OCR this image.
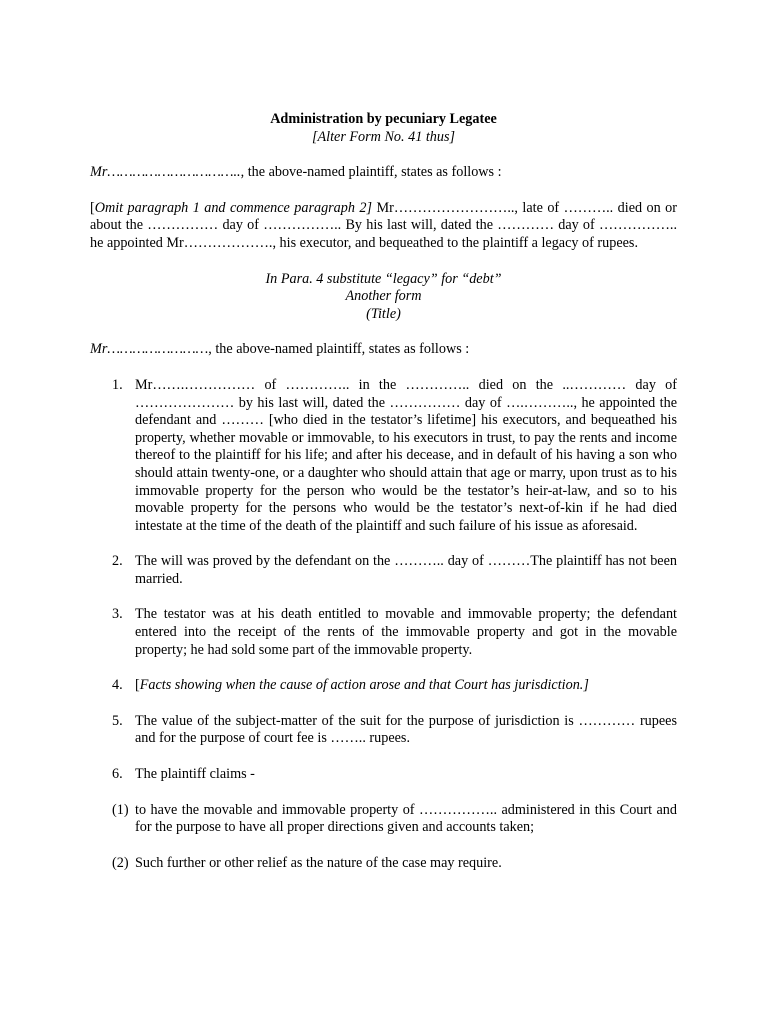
Administration by pecuniary Legatee

[Alter Form No. 41 thus]

Mr………………………….., the above-named plaintiff, states as follows :

[Omit paragraph 1 and commence paragraph 2] Mr…………………….., late of ……….. died on or about the …………… day of …………….. By his last will, dated the ………… day of …………….. he appointed Mr………………., his executor, and bequeathed to the plaintiff a legacy of rupees.

In Para. 4 substitute “legacy” for “debt”

Another form

(Title)

Mr……………………, the above-named plaintiff, states as follows :

1. Mr…….…………… of ………….. in the ………….. died on the ..………… day of ………………… by his last will, dated the …………… day of ….……….., he appointed the defendant and ……… [who died in the testator’s lifetime] his executors, and bequeathed his property, whether movable or immovable, to his executors in trust, to pay the rents and income thereof to the plaintiff for his life; and after his decease, and in default of his having a son who should attain twenty-one, or a daughter who should attain that age or marry, upon trust as to his immovable property for the person who would be the testator’s heir-at-law, and so to his movable property for the persons who would be the testator’s next-of-kin if he had died intestate at the time of the death of the plaintiff and such failure of his issue as aforesaid.

2. The will was proved by the defendant on the ……….. day of ………The plaintiff has not been married.

3. The testator was at his death entitled to movable and immovable property; the defendant entered into the receipt of the rents of the immovable property and got in the movable property; he had sold some part of the immovable property.

4. [Facts showing when the cause of action arose and that Court has jurisdiction.]

5. The value of the subject-matter of the suit for the purpose of jurisdiction is ………… rupees and for the purpose of court fee is …….. rupees.

6. The plaintiff claims -

(1) to have the movable and immovable property of …………….. administered in this Court and for the purpose to have all proper directions given and accounts taken;

(2) Such further or other relief as the nature of the case may require.
